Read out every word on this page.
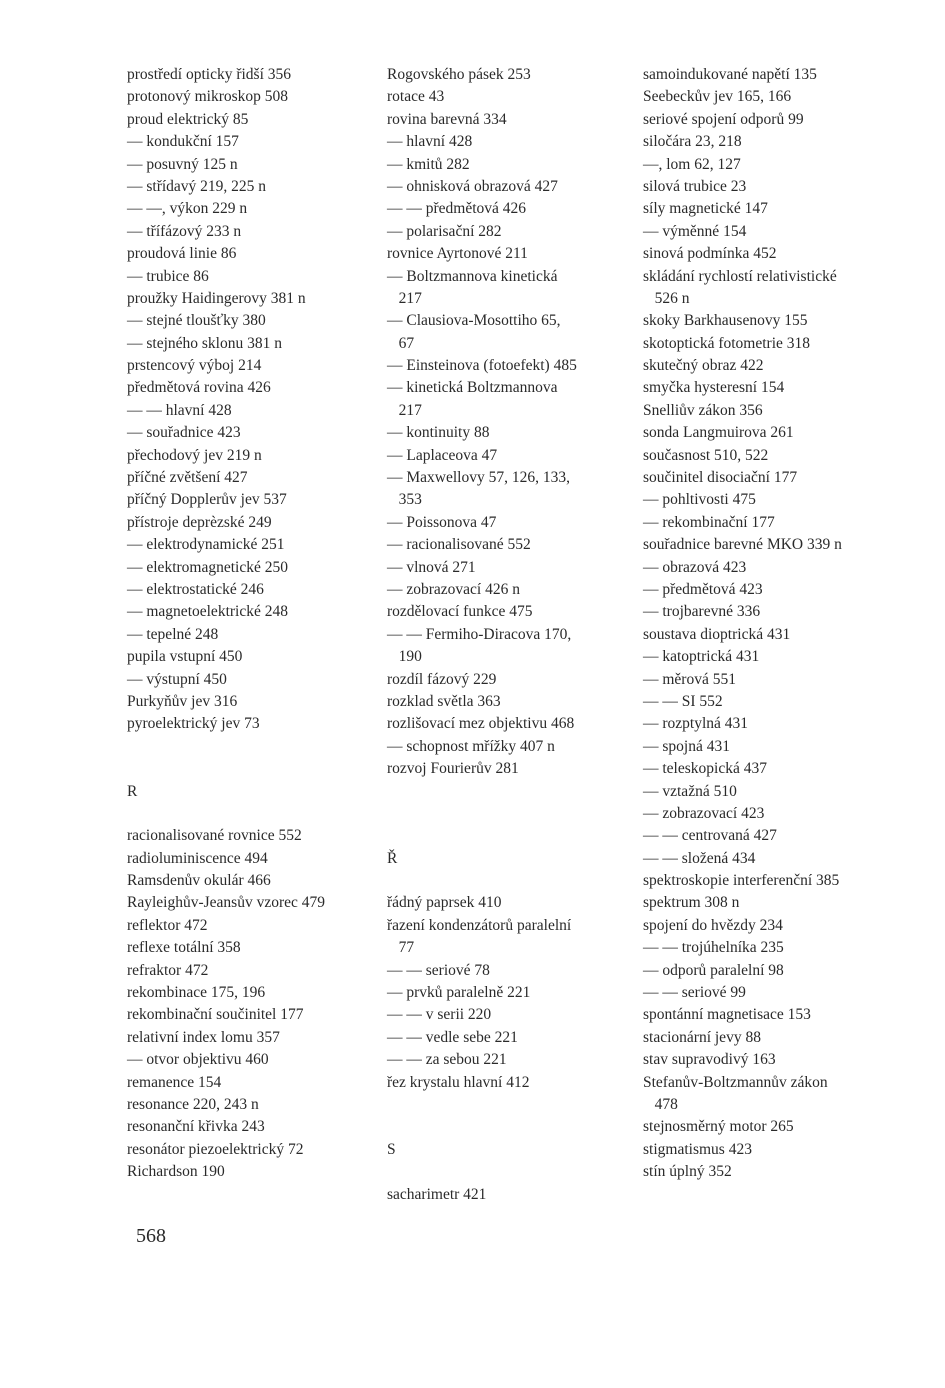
prostředí opticky řidší 356
protonový mikroskop 508
proud elektrický 85
— kondukční 157
— posuvný 125 n
— střídavý 219, 225 n
— —, výkon 229 n
— třífázový 233 n
proudová linie 86
— trubice 86
proužky Haidingerovy 381 n
— stejné tloušťky 380
— stejného sklonu 381 n
prstencový výboj 214
předmětová rovina 426
— — hlavní 428
— souřadnice 423
přechodový jev 219 n
příčné zvětšení 427
příčný Dopplerův jev 537
přístroje deprèzské 249
— elektrodynamické 251
— elektromagnetické 250
— elektrostatické 246
— magnetoelektrické 248
— tepelné 248
pupila vstupní 450
— výstupní 450
Purkyňův jev 316
pyroelektrický jev 73

R

racionalisované rovnice 552
radioluminiscence 494
Ramsdenův okulár 466
Rayleighův-Jeansův vzorec 479
reflektor 472
reflexe totální 358
refraktor 472
rekombinace 175, 196
rekombinační součinitel 177
relativní index lomu 357
— otvor objektivu 460
remanence 154
resonance 220, 243 n
resonanční křivka 243
resonátor piezoelektrický 72
Richardson 190
Rogovského pásek 253
rotace 43
rovina barevná 334
— hlavní 428
— kmitů 282
— ohnisková obrazová 427
— — předmětová 426
— polarisační 282
rovnice Ayrtonové 211
— Boltzmannova kinetická
217
— Clausiova-Mosottiho 65,
67
— Einsteinova (fotoefekt) 485
— kinetická Boltzmannova
217
— kontinuity 88
— Laplaceova 47
— Maxwellovy 57, 126, 133,
353
— Poissonova 47
— racionalisované 552
— vlnová 271
— zobrazovací 426 n
rozdělovací funkce 475
— — Fermiho-Diracova 170,
190
rozdíl fázový 229
rozklad světla 363
rozlišovací mez objektivu 468
— schopnost mřížky 407 n
rozvoj Fourierův 281

Ř

řádný paprsek 410
řazení kondenzátorů paralelní
77
— — seriové 78
— prvků paralelně 221
— — v serii 220
— — vedle sebe 221
— — za sebou 221
řez krystalu hlavní 412

S

sacharimetr 421
samoindukované napětí 135
Seebeckův jev 165, 166
seriové spojení odporů 99
siločára 23, 218
—, lom 62, 127
silová trubice 23
síly magnetické 147
— výměnné 154
sinová podmínka 452
skládání rychlostí relativistické
526 n
skoky Barkhausenovy 155
skotoptická fotometrie 318
skutečný obraz 422
smyčka hysteresní 154
Snelliův zákon 356
sonda Langmuirova 261
současnost 510, 522
součinitel disociační 177
— pohltivosti 475
— rekombinační 177
souřadnice barevné MKO 339 n
— obrazová 423
— předmětová 423
— trojbarevné 336
soustava dioptrická 431
— katoptrická 431
— měrová 551
— — SI 552
— rozptylná 431
— spojná 431
— teleskopická 437
— vztažná 510
— zobrazovací 423
— — centrovaná 427
— — složená 434
spektroskopie interferenční 385
spektrum 308 n
spojení do hvězdy 234
— — trojúhelníka 235
— odporů paralelní 98
— — seriové 99
spontánní magnetisace 153
stacionární jevy 88
stav supravodivý 163
Stefanův-Boltzmannův zákon
478
stejnosměrný motor 265
stigmatismus 423
stín úplný 352
568
